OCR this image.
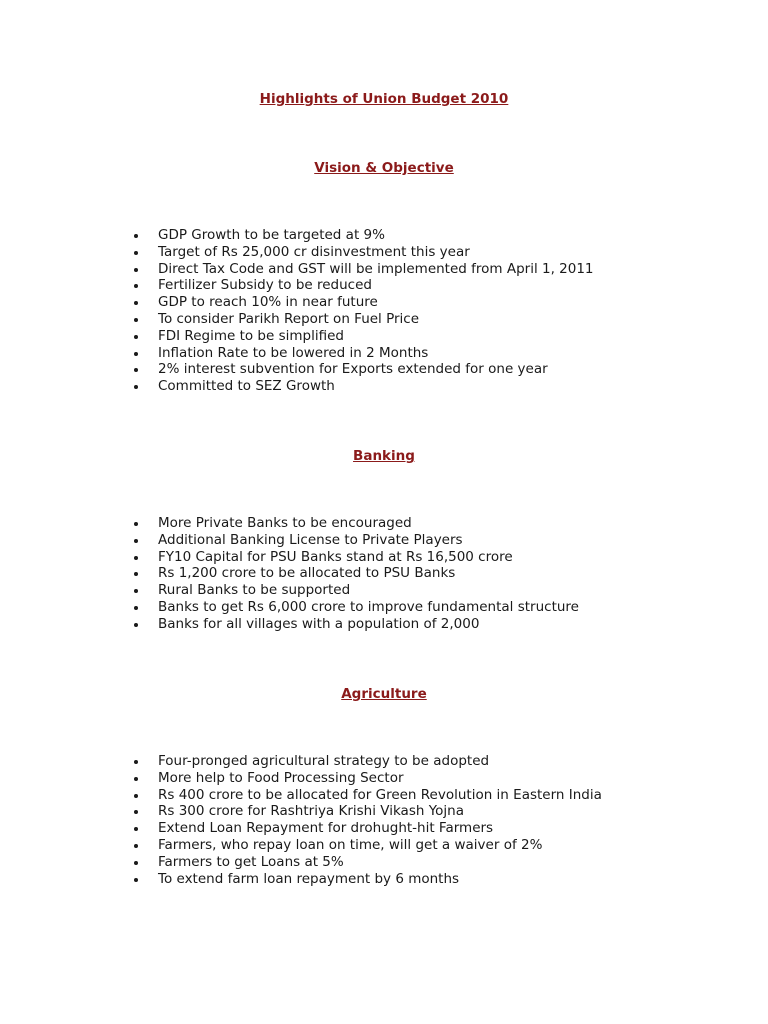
Highlights of Union Budget 2010
Vision & Objective
GDP Growth to be targeted at 9%
Target of Rs 25,000 cr disinvestment this year
Direct Tax Code and GST will be implemented from April 1, 2011
Fertilizer Subsidy to be reduced
GDP to reach 10% in near future
To consider Parikh Report on Fuel Price
FDI Regime to be simplified
Inflation Rate to be lowered in 2 Months
2% interest subvention for Exports extended for one year
Committed to SEZ Growth
Banking
More Private Banks to be encouraged
Additional Banking License to Private Players
FY10 Capital for PSU Banks stand at Rs 16,500 crore
Rs 1,200 crore to be allocated to PSU Banks
Rural Banks to be supported
Banks to get Rs 6,000 crore to improve fundamental structure
Banks for all villages with a population of 2,000
Agriculture
Four-pronged agricultural strategy to be adopted
More help to Food Processing Sector
Rs 400 crore to be allocated for Green Revolution in Eastern India
Rs 300 crore for Rashtriya Krishi Vikash Yojna
Extend Loan Repayment for drohught-hit Farmers
Farmers, who repay loan on time, will get a waiver of 2%
Farmers to get Loans at 5%
To extend farm loan repayment by 6 months
